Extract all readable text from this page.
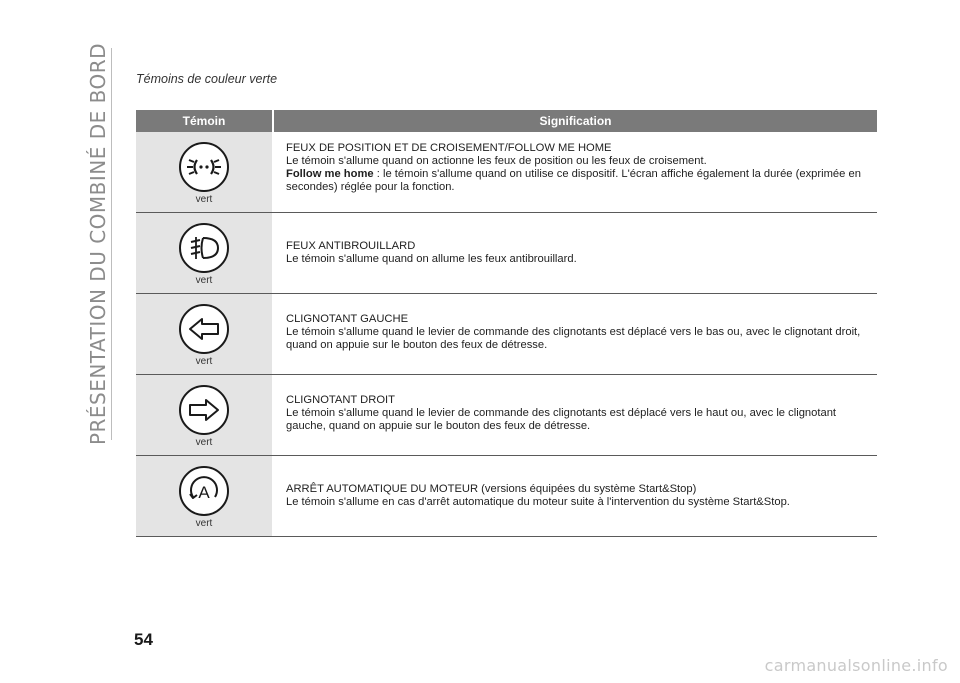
PRÉSENTATION DU COMBINÉ DE BORD Témoins de couleur verte
Témoin	Signification
vert

FEUX DE POSITION ET DE CROISEMENT/FOLLOW ME HOME

Le témoin s'allume quand on actionne les feux de position ou les feux de croisement.

Follow me home : le témoin s'allume quand on utilise ce dispositif. L'écran affiche également la durée (exprimée en secondes) réglée pour la fonction.

vert

FEUX ANTIBROUILLARD

Le témoin s'allume quand on allume les feux antibrouillard.

vert

CLIGNOTANT GAUCHE

Le témoin s'allume quand le levier de commande des clignotants est déplacé vers le bas ou, avec le clignotant droit, quand on appuie sur le bouton des feux de détresse.

vert

CLIGNOTANT DROIT

Le témoin s'allume quand le levier de commande des clignotants est déplacé vers le haut ou, avec le clignotant gauche, quand on appuie sur le bouton des feux de détresse.

A
vert

ARRÊT AUTOMATIQUE DU MOTEUR (versions équipées du système Start&Stop)

Le témoin s'allume en cas d'arrêt automatique du moteur suite à l'intervention du système Start&Stop.

54
carmanualsonline.info
